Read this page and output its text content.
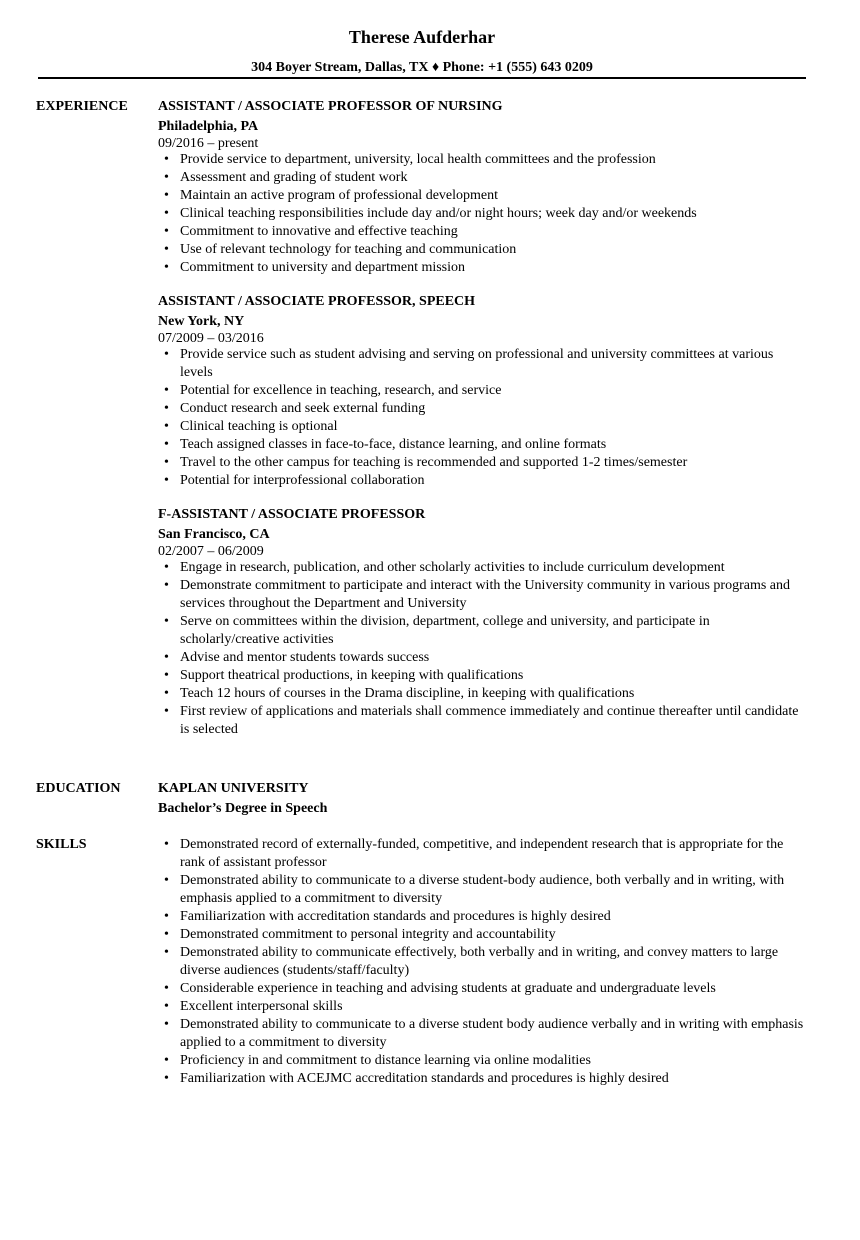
Therese Aufderhar
304 Boyer Stream, Dallas, TX ♦ Phone: +1 (555) 643 0209
EXPERIENCE	ASSISTANT / ASSOCIATE PROFESSOR OF NURSING
Philadelphia, PA
09/2016 – present
• Provide service to department, university, local health committees and the profession
• Assessment and grading of student work
• Maintain an active program of professional development
• Clinical teaching responsibilities include day and/or night hours; week day and/or weekends
• Commitment to innovative and effective teaching
• Use of relevant technology for teaching and communication
• Commitment to university and department mission
ASSISTANT / ASSOCIATE PROFESSOR, SPEECH
New York, NY
07/2009 – 03/2016
• Provide service such as student advising and serving on professional and university committees at various levels
• Potential for excellence in teaching, research, and service
• Conduct research and seek external funding
• Clinical teaching is optional
• Teach assigned classes in face-to-face, distance learning, and online formats
• Travel to the other campus for teaching is recommended and supported 1-2 times/semester
• Potential for interprofessional collaboration
F-ASSISTANT / ASSOCIATE PROFESSOR
San Francisco, CA
02/2007 – 06/2009
• Engage in research, publication, and other scholarly activities to include curriculum development
• Demonstrate commitment to participate and interact with the University community in various programs and services throughout the Department and University
• Serve on committees within the division, department, college and university, and participate in scholarly/creative activities
• Advise and mentor students towards success
• Support theatrical productions, in keeping with qualifications
• Teach 12 hours of courses in the Drama discipline, in keeping with qualifications
• First review of applications and materials shall commence immediately and continue thereafter until candidate is selected
EDUCATION	KAPLAN UNIVERSITY
Bachelor’s Degree in Speech
SKILLS	• Demonstrated record of externally-funded, competitive, and independent research that is appropriate for the rank of assistant professor
• Demonstrated ability to communicate to a diverse student-body audience, both verbally and in writing, with emphasis applied to a commitment to diversity
• Familiarization with accreditation standards and procedures is highly desired
• Demonstrated commitment to personal integrity and accountability
• Demonstrated ability to communicate effectively, both verbally and in writing, and convey matters to large diverse audiences (students/staff/faculty)
• Considerable experience in teaching and advising students at graduate and undergraduate levels
• Excellent interpersonal skills
• Demonstrated ability to communicate to a diverse student body audience verbally and in writing with emphasis applied to a commitment to diversity
• Proficiency in and commitment to distance learning via online modalities
• Familiarization with ACEJMC accreditation standards and procedures is highly desired
